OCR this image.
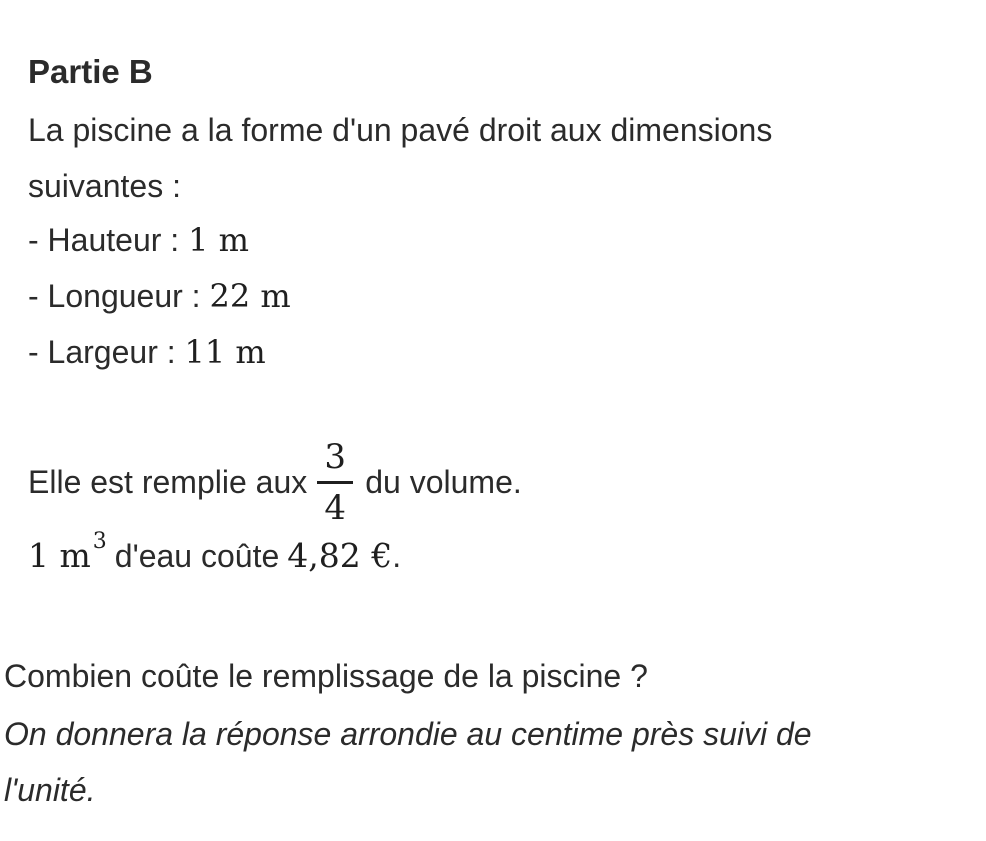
Partie B
La piscine a la forme d'un pavé droit aux dimensions
suivantes :
- Hauteur : 1 m
- Longueur : 22 m
- Largeur : 11 m
Elle est remplie aux $\frac{3}{4}$ du volume.
1 m 3 d'eau coûte 4,82 € .
Combien coûte le remplissage de la piscine ?
On donnera la réponse arrondie au centime près suivi de
l'unité.
